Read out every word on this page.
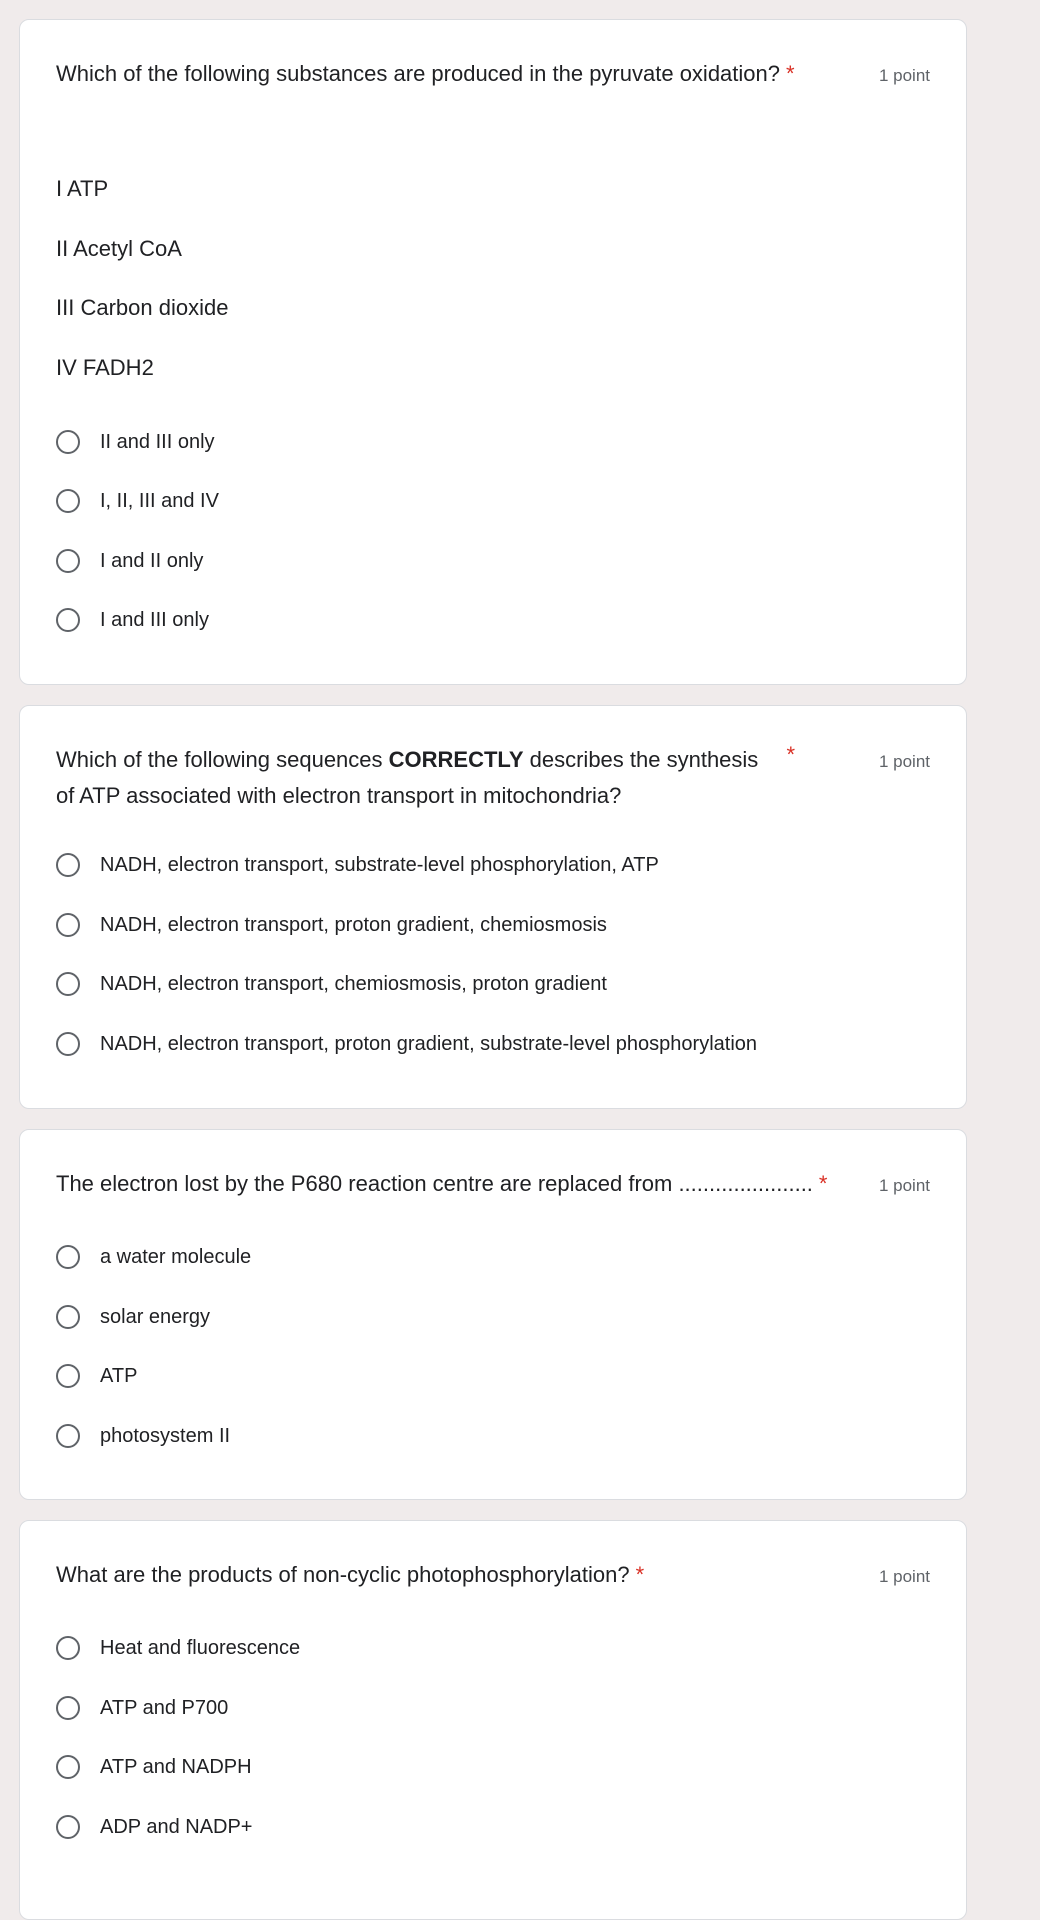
Which of the following substances are produced in the pyruvate oxidation? *	1 point
I ATP
II Acetyl CoA
III Carbon dioxide
IV FADH2
II and III only
I, II, III and IV
I and II only
I and III only
Which of the following sequences CORRECTLY describes the synthesis of ATP associated with electron transport in mitochondria?
*	1 point
NADH, electron transport, substrate-level phosphorylation, ATP
NADH, electron transport, proton gradient, chemiosmosis
NADH, electron transport, chemiosmosis, proton gradient
NADH, electron transport, proton gradient, substrate-level phosphorylation
The electron lost by the P680 reaction centre are replaced from ...................... *	1 point
a water molecule
solar energy
ATP
photosystem II
What are the products of non-cyclic photophosphorylation? *	1 point
Heat and fluorescence
ATP and P700
ATP and NADPH
ADP and NADP+
